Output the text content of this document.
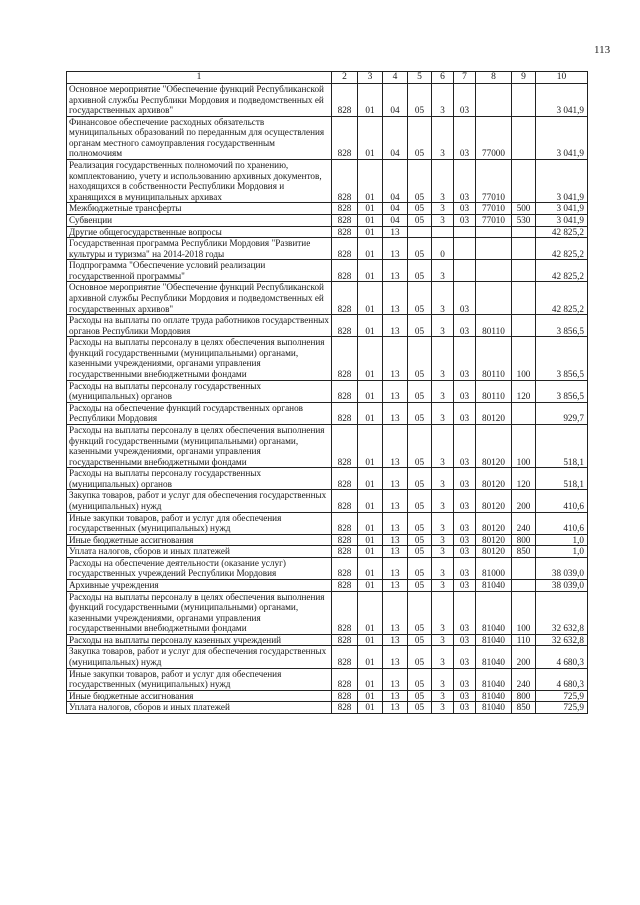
113
1	2	3	4	5	6	7	8	9	10
Основное мероприятие "Обеспечение функций Республиканской архивной службы Республики Мордовия и подведомственных ей государственных архивов"	828	01	04	05	3	03			3 041,9
Финансовое обеспечение расходных обязательств муниципальных образований по переданным для осуществления органам местного самоуправления государственным полномочиям	828	01	04	05	3	03	77000		3 041,9
Реализация государственных полномочий по хранению, комплектованию, учету и использованию архивных документов, находящихся в собственности Республики Мордовия и хранящихся в муниципальных архивах	828	01	04	05	3	03	77010		3 041,9
Межбюджетные трансферты	828	01	04	05	3	03	77010	500	3 041,9
Субвенции	828	01	04	05	3	03	77010	530	3 041,9
Другие общегосударственные вопросы	828	01	13						42 825,2
Государственная программа Республики Мордовия "Развитие культуры и туризма" на 2014-2018 годы	828	01	13	05	0				42 825,2
Подпрограмма "Обеспечение условий реализации государственной программы"	828	01	13	05	3				42 825,2
Основное мероприятие "Обеспечение функций Республиканской архивной службы Республики Мордовия и подведомственных ей государственных архивов"	828	01	13	05	3	03			42 825,2
Расходы на выплаты по оплате труда работников государственных органов Республики Мордовия	828	01	13	05	3	03	80110		3 856,5
Расходы на выплаты персоналу в целях обеспечения выполнения функций государственными (муниципальными) органами, казенными учреждениями, органами управления государственными внебюджетными фондами	828	01	13	05	3	03	80110	100	3 856,5
Расходы на выплаты персоналу государственных (муниципальных) органов	828	01	13	05	3	03	80110	120	3 856,5
Расходы на обеспечение функций государственных органов Республики Мордовия	828	01	13	05	3	03	80120		929,7
Расходы на выплаты персоналу в целях обеспечения выполнения функций государственными (муниципальными) органами, казенными учреждениями, органами управления государственными внебюджетными фондами	828	01	13	05	3	03	80120	100	518,1
Расходы на выплаты персоналу государственных (муниципальных) органов	828	01	13	05	3	03	80120	120	518,1
Закупка товаров, работ и услуг для обеспечения государственных (муниципальных) нужд	828	01	13	05	3	03	80120	200	410,6
Иные закупки товаров, работ и услуг для обеспечения государственных (муниципальных) нужд	828	01	13	05	3	03	80120	240	410,6
Иные бюджетные ассигнования	828	01	13	05	3	03	80120	800	1,0
Уплата налогов, сборов и иных платежей	828	01	13	05	3	03	80120	850	1,0
Расходы на обеспечение деятельности (оказание услуг) государственных учреждений Республики Мордовия	828	01	13	05	3	03	81000		38 039,0
Архивные учреждения	828	01	13	05	3	03	81040		38 039,0
Расходы на выплаты персоналу в целях обеспечения выполнения функций государственными (муниципальными) органами, казенными учреждениями, органами управления государственными внебюджетными фондами	828	01	13	05	3	03	81040	100	32 632,8
Расходы на выплаты персоналу казенных учреждений	828	01	13	05	3	03	81040	110	32 632,8
Закупка товаров, работ и услуг для обеспечения государственных (муниципальных) нужд	828	01	13	05	3	03	81040	200	4 680,3
Иные закупки товаров, работ и услуг для обеспечения государственных (муниципальных) нужд	828	01	13	05	3	03	81040	240	4 680,3
Иные бюджетные ассигнования	828	01	13	05	3	03	81040	800	725,9
Уплата налогов, сборов и иных платежей	828	01	13	05	3	03	81040	850	725,9
